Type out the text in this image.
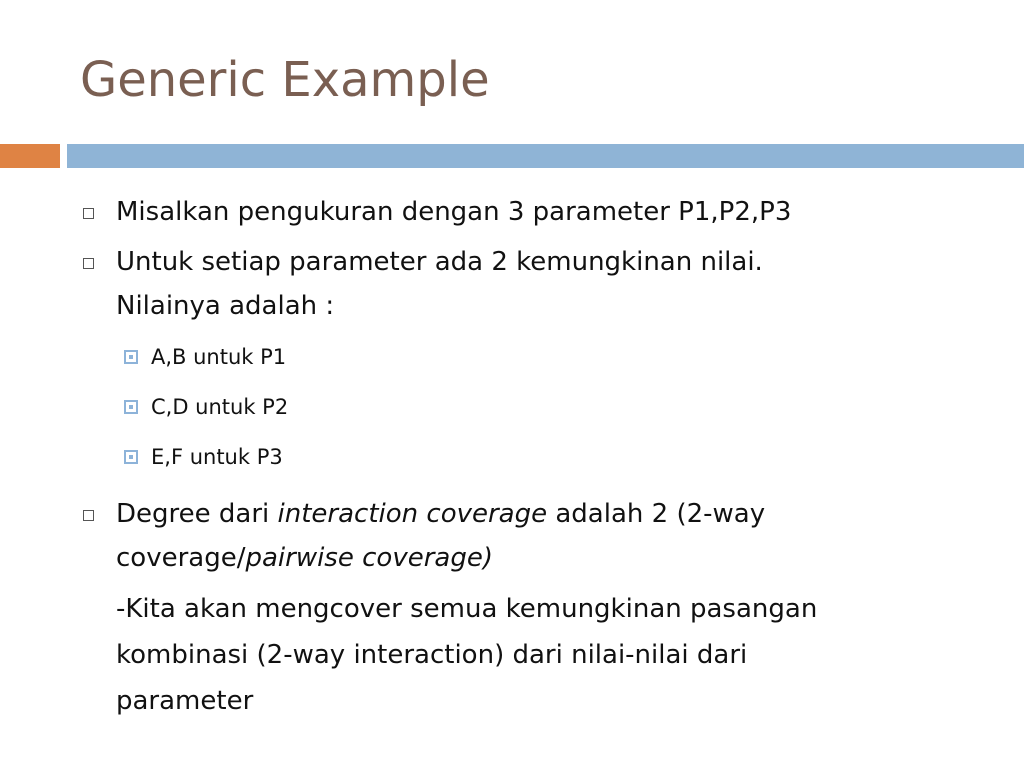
Generic Example
Misalkan pengukuran dengan 3 parameter P1,P2,P3
Untuk setiap parameter ada 2 kemungkinan nilai.
Nilainya adalah :
A,B untuk P1
C,D untuk P2
E,F untuk P3
Degree dari interaction coverage adalah 2 (2-way
coverage/pairwise coverage)
-Kita akan mengcover semua kemungkinan pasangan
kombinasi (2-way interaction) dari nilai-nilai dari
parameter
